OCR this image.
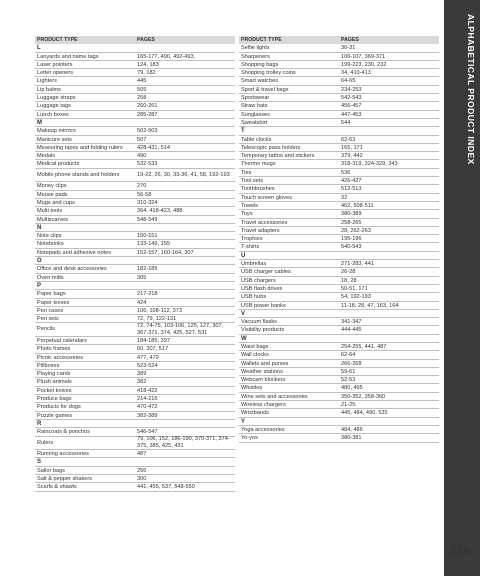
PRODUCT TYPE	PAGES
L
Lanyards and name tags	165-177, 490, 492-493,
Laser pointers	124, 183
Letter openers	79, 182
Lighters	445
Lip balms	505
Luggage straps	258
Luggage tags	260-261
Lunch boxes	285-287
M
Makeup mirrors	502-503
Manicure sets	507
Measuring tapes and folding rulers	428-431, 514
Medals	490
Medical products	532-533
Mobile phone stands and holders	19-22, 26, 30, 33-36, 41, 58, 192-193
Money clips	270
Mouse pads	56-58
Mugs and cups	310-324
Multi tools	364, 418-423, 488
Multiscarves	548-549
N
Note clips	150-151
Notebooks	133-149, 155
Notepads and adhesive notes	152-157, 160-164, 307
O
Office and desk accessories	182-185
Oven mitts	305
P
Paper bags	217-218
Paper knives	424
Pen cases	106, 108-112, 373
Pen sets	72, 79, 122-131
Pencils
72, 74-75, 103-106, 125, 127, 307, 367-371, 374, 425, 527, 531
Perpetual calendars	184-185, 397
Photo frames	60, 307, 517
Picnic accessories	477, 479
Pillboxes	523-524
Playing cards	389
Plush animals	382
Pocket knives	418-422
Produce bags	214-216
Products for dogs	470-472
Puzzle games	382-389
R
Raincoats & ponchos	546-547
Rulers
79, 106, 152, 186-190, 370-371, 374-375, 385, 425, 431
Running accessories	487
S
Sailor bags	256
Salt & pepper shakers	300
Scarfs & shawls	441, 455, 537, 548-550
PRODUCT TYPE	PAGES
Selfie lights	30-31
Sharpeners	106-107, 369-371
Shopping bags	199-223, 230, 232
Shopping trolley coins	34, 410-413
Smart watches	64-65
Sport & travel bags	234-253
Sportswear	542-543
Straw hats	456-457
Sunglasses	447-453
Sweatshirt	544
T
Table clocks	62-63
Telescopic pass holders	165, 171
Temporary tattoo and stickers	379, 442
Thermo mugs	318-319, 324-329, 343
Ties	536
Tool sets	426-427
Toothbrushes	512-513
Touch screen gloves	32
Towels	462, 508-511
Toys	380-389
Travel accessories	258-265
Travel adapters	28, 262-263
Trophies	195-196
T-shirts	540-543
U
Umbrellas	271-283, 441
USB charger cables	26-28
USB chargers	18, 28
USB flash drives	50-51, 171
USB hubs	54, 192-193
USB power banks	11-18, 28, 47, 163, 164
V
Vacuum flasks	341-347
Visibility products	444-445
W
Waist bags	254-255, 441, 487
Wall clocks	62-64
Wallets and purses	266-268
Weather stations	59-61
Webcam blockers	52-53
Whistles	480, 495
Wine sets and accessories	350-352, 358-360
Wireless chargers	21-25
Wristbands	445, 484, 490, 535
Y
Yoga accessories	484, 486
Yo-yos	380-381
ALPHABETICAL PRODUCT INDEX
559
